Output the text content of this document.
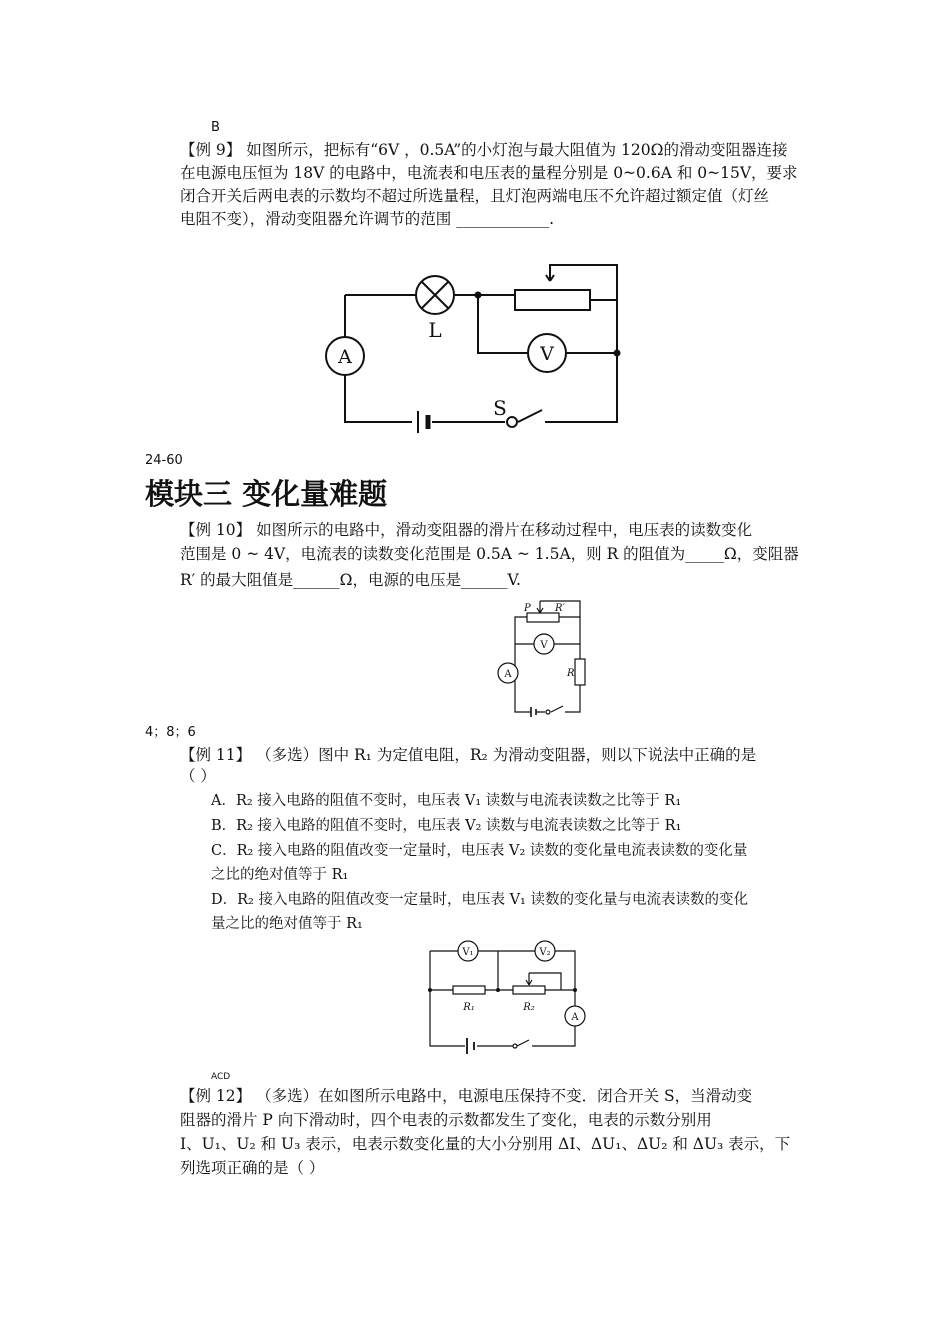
B
【例 9】 如图所示，把标有“6V ，0.5A”的小灯泡与最大阻值为 120Ω的滑动变阻器连接
在电源电压恒为 18V 的电路中，电流表和电压表的量程分别是 0~0.6A 和 0~15V，要求
闭合开关后两电表的示数均不超过所选量程，且灯泡两端电压不允许超过额定值（灯丝
电阻不变），滑动变阻器允许调节的范围 ____________.
L
A	V
S
24-60
模块三 变化量难题
【例 10】 如图所示的电路中，滑动变阻器的滑片在移动过程中，电压表的读数变化
范围是 0 ~ 4V，电流表的读数变化范围是 0.5A ~ 1.5A，则 R 的阻值为_____Ω，变阻器
R′ 的最大阻值是______Ω，电源的电压是______V.
P R′
V
A	R
4；8；6
【例 11】 （多选）图中 R₁ 为定值电阻，R₂ 为滑动变阻器，则以下说法中正确的是
（ ）
A．R₂ 接入电路的阻值不变时，电压表 V₁ 读数与电流表读数之比等于 R₁
B．R₂ 接入电路的阻值不变时，电压表 V₂ 读数与电流表读数之比等于 R₁
C．R₂ 接入电路的阻值改变一定量时，电压表 V₂ 读数的变化量电流表读数的变化量
之比的绝对值等于 R₁
D．R₂ 接入电路的阻值改变一定量时，电压表 V₁ 读数的变化量与电流表读数的变化
量之比的绝对值等于 R₁
V₁	V₂
R₁	R₂
A
ACD
【例 12】 （多选）在如图所示电路中，电源电压保持不变．闭合开关 S，当滑动变
阻器的滑片 P 向下滑动时，四个电表的示数都发生了变化，电表的示数分别用
I、U₁、U₂ 和 U₃ 表示，电表示数变化量的大小分别用 ΔI、ΔU₁、ΔU₂ 和 ΔU₃ 表示，下
列选项正确的是（ ）
